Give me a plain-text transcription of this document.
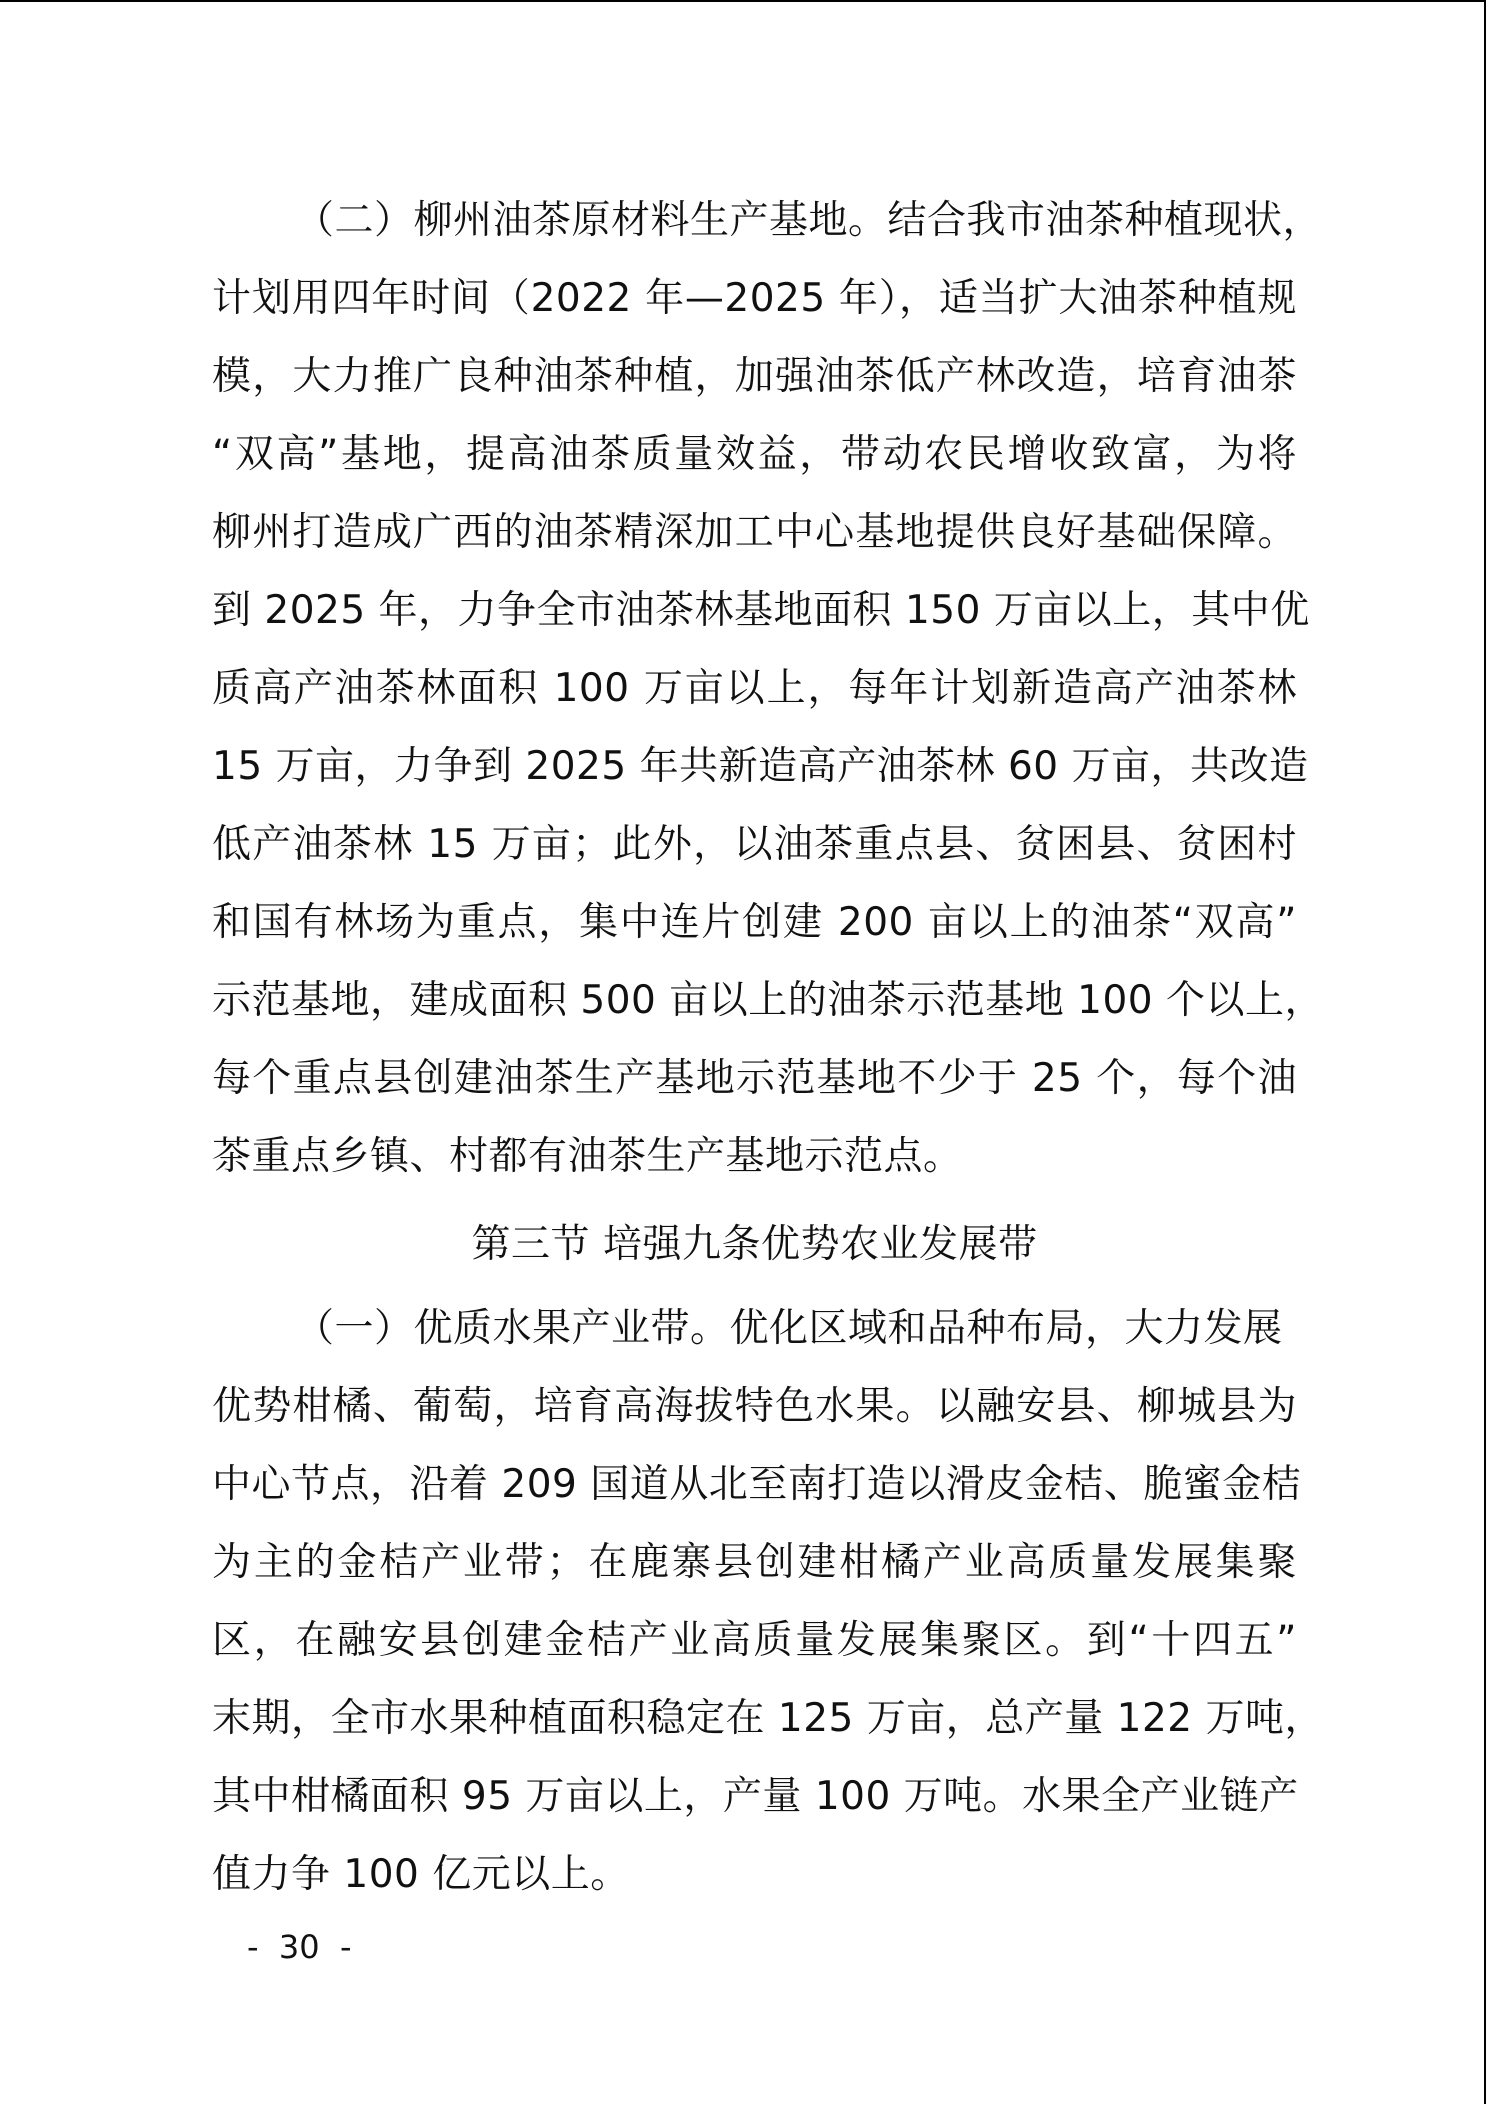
（二）柳州油茶原材料生产基地。结合我市油茶种植现状，
计划用四年时间（2022 年—2025 年），适当扩大油茶种植规
模，大力推广良种油茶种植，加强油茶低产林改造，培育油茶
“双高”基地，提高油茶质量效益，带动农民增收致富，为将
柳州打造成广西的油茶精深加工中心基地提供良好基础保障。
到 2025 年，力争全市油茶林基地面积 150 万亩以上，其中优
质高产油茶林面积 100 万亩以上，每年计划新造高产油茶林
15 万亩，力争到 2025 年共新造高产油茶林 60 万亩，共改造
低产油茶林 15 万亩；此外，以油茶重点县、贫困县、贫困村
和国有林场为重点，集中连片创建 200 亩以上的油茶“双高”
示范基地，建成面积 500 亩以上的油茶示范基地 100 个以上，
每个重点县创建油茶生产基地示范基地不少于 25 个，每个油
茶重点乡镇、村都有油茶生产基地示范点。
第三节 培强九条优势农业发展带
（一）优质水果产业带。优化区域和品种布局，大力发展
优势柑橘、葡萄，培育高海拔特色水果。以融安县、柳城县为
中心节点，沿着 209 国道从北至南打造以滑皮金桔、脆蜜金桔
为主的金桔产业带；在鹿寨县创建柑橘产业高质量发展集聚
区，在融安县创建金桔产业高质量发展集聚区。到“十四五”
末期，全市水果种植面积稳定在 125 万亩，总产量 122 万吨，
其中柑橘面积 95 万亩以上，产量 100 万吨。水果全产业链产
值力争 100 亿元以上。
-  30  -
